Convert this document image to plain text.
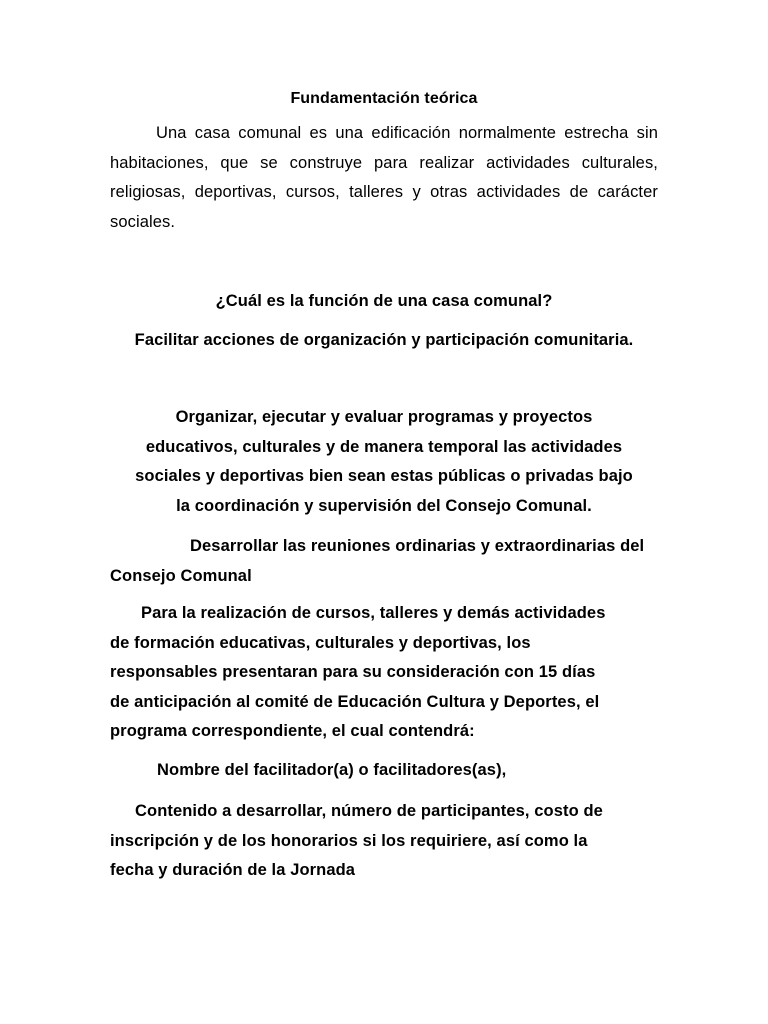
Fundamentación teórica

Una casa comunal es una edificación normalmente estrecha sin habitaciones, que se construye para realizar actividades culturales, religiosas, deportivas, cursos, talleres y otras actividades de carácter sociales.

¿Cuál es la función de una casa comunal?

Facilitar acciones de organización y participación comunitaria.

Organizar, ejecutar y evaluar programas y proyectos
educativos, culturales y de manera temporal las actividades
sociales y deportivas bien sean estas públicas o privadas bajo
la coordinación y supervisión del Consejo Comunal.

Desarrollar las reuniones ordinarias y extraordinarias del Consejo Comunal

Para la realización de cursos, talleres y demás actividades
de formación educativas, culturales y deportivas, los
responsables presentaran para su consideración con 15 días
de anticipación al comité de Educación Cultura y Deportes, el
programa correspondiente, el cual contendrá:

Nombre del facilitador(a) o facilitadores(as),

Contenido a desarrollar, número de participantes, costo de
inscripción y de los honorarios si los requiriere, así como la
fecha y duración de la Jornada
